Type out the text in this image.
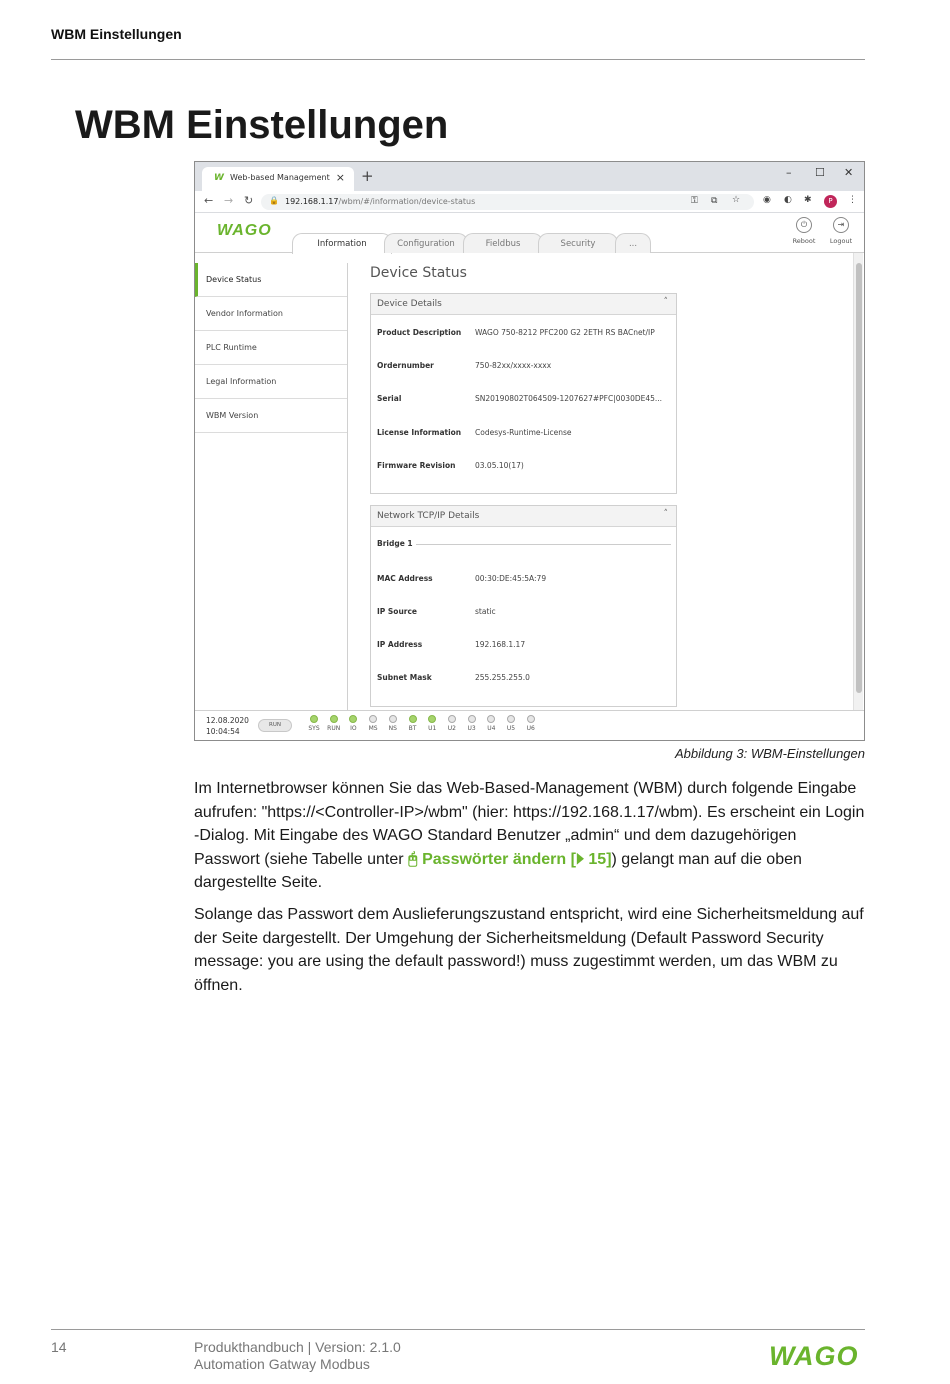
WBM Einstellungen
WBM Einstellungen
W Web-based Management × +	– ☐ ✕
← → ↻ 🔒 192.168.1.17/wbm/#/information/device-status	⚿ ⧉ ☆	◉ ◐ ✱	P	⋮
WAGO
Information	Configuration	Fieldbus	Security	...
⏻
Reboot
⇥
Logout
Device Status
Vendor Information
PLC Runtime
Legal Information
WBM Version
Device Status
Device Details	˄
Product Description	WAGO 750-8212 PFC200 G2 2ETH RS BACnet/IP
Ordernumber	750-82xx/xxxx-xxxx
Serial	SN20190802T064509-1207627#PFC|0030DE45...
License Information	Codesys-Runtime-License
Firmware Revision	03.05.10(17)
Network TCP/IP Details	˄
Bridge 1
MAC Address	00:30:DE:45:5A:79
IP Source	static
IP Address	192.168.1.17
Subnet Mask	255.255.255.0
12.08.2020
10:04:54
RUN	SYS	RUN	IO	MS	NS	BT	U1	U2	U3	U4	U5	U6
Abbildung 3: WBM-Einstellungen

Im Internetbrowser können Sie das Web-Based-Management (WBM) durch folgende Eingabe aufrufen: "https://<Controller-IP>/wbm" (hier: https://192.168.1.17/wbm). Es erscheint ein Login -Dialog. Mit Eingabe des WAGO Standard Benutzer „admin“ und dem dazugehörigen Passwort (siehe Tabelle unter 🖰 Passwörter ändern [⏵ 15]) gelangt man auf die oben dargestellte Seite.

Solange das Passwort dem Auslieferungszustand entspricht, wird eine Sicherheitsmeldung auf der Seite dargestellt. Der Umgehung der Sicherheitsmeldung (Default Password Security message: you are using the default password!) muss zugestimmt werden, um das WBM zu öffnen.

14	Produkthandbuch | Version: 2.1.0
Automation Gatway Modbus	WAGO
